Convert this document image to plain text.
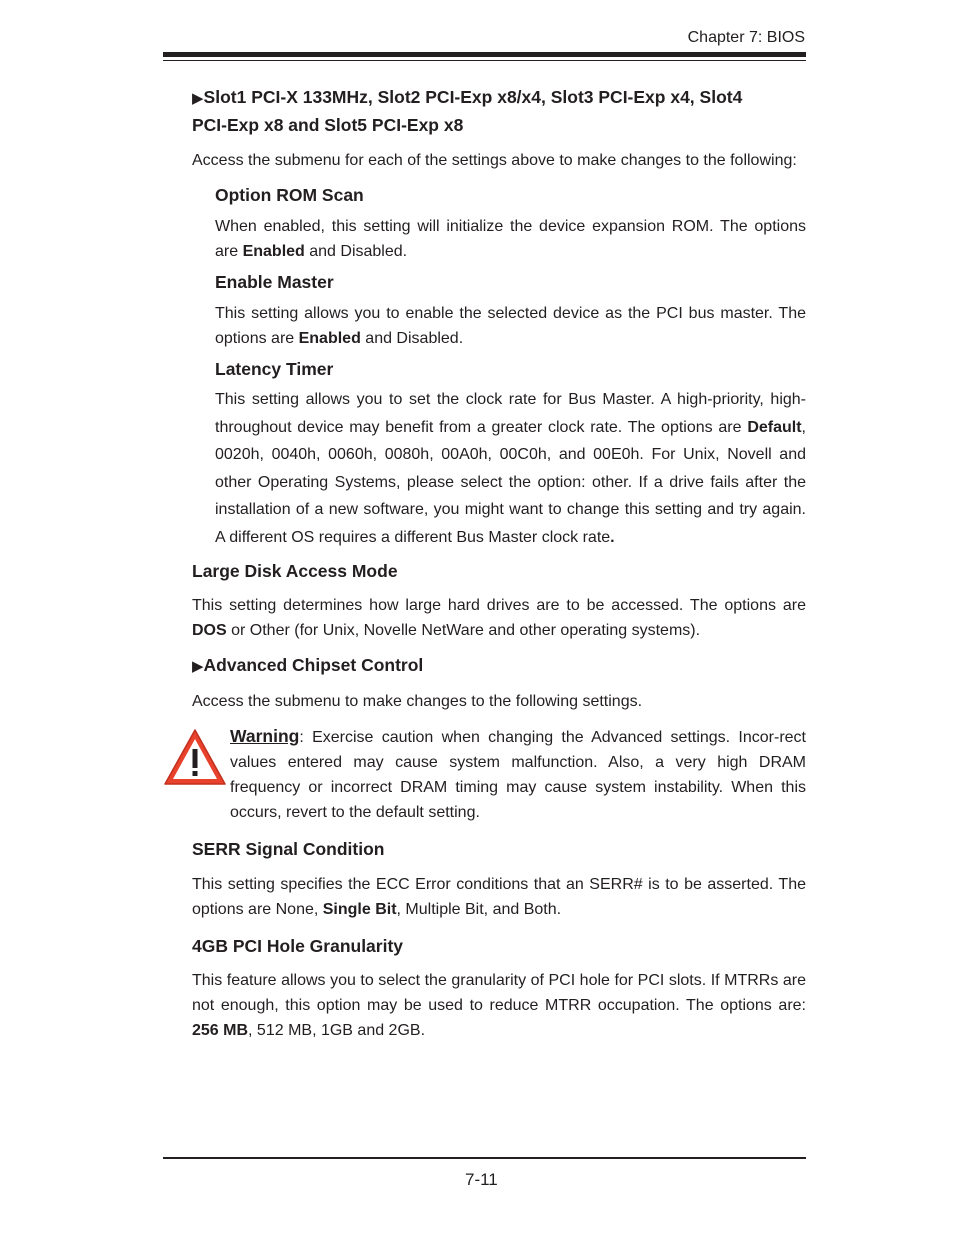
Chapter 7: BIOS
▶Slot1 PCI-X 133MHz, Slot2 PCI-Exp x8/x4, Slot3 PCI-Exp x4, Slot4
PCI-Exp x8 and Slot5 PCI-Exp x8

Access the submenu for each of the settings above to make changes to the following:

Option ROM Scan

When enabled, this setting will initialize the device expansion ROM. The options are Enabled and Disabled.

Enable Master

This setting allows you to enable the selected device as the PCI bus master. The options are Enabled and Disabled.

Latency Timer

This setting allows you to set the clock rate for Bus Master. A high-priority, high-throughout device may benefit from a greater clock rate. The options are Default, 0020h, 0040h, 0060h, 0080h, 00A0h, 00C0h, and 00E0h. For Unix, Novell and other Operating Systems, please select the option: other. If a drive fails after the installation of a new software, you might want to change this setting and try again. A different OS requires a different Bus Master clock rate.

Large Disk Access Mode

This setting determines how large hard drives are to be accessed. The options are DOS or Other (for Unix, Novelle NetWare and other operating systems).

▶Advanced Chipset Control

Access the submenu to make changes to the following settings.

Warning: Exercise caution when changing the Advanced settings. Incor-rect values entered may cause system malfunction. Also, a very high DRAM frequency or incorrect DRAM timing may cause system instability. When this occurs, revert to the default setting.

SERR Signal Condition

This setting specifies the ECC Error conditions that an SERR# is to be asserted. The options are None, Single Bit, Multiple Bit, and Both.

4GB PCI Hole Granularity

This feature allows you to select the granularity of PCI hole for PCI slots. If MTRRs are not enough, this option may be used to reduce MTRR occupation. The options are: 256 MB, 512 MB, 1GB and 2GB.

7-11
